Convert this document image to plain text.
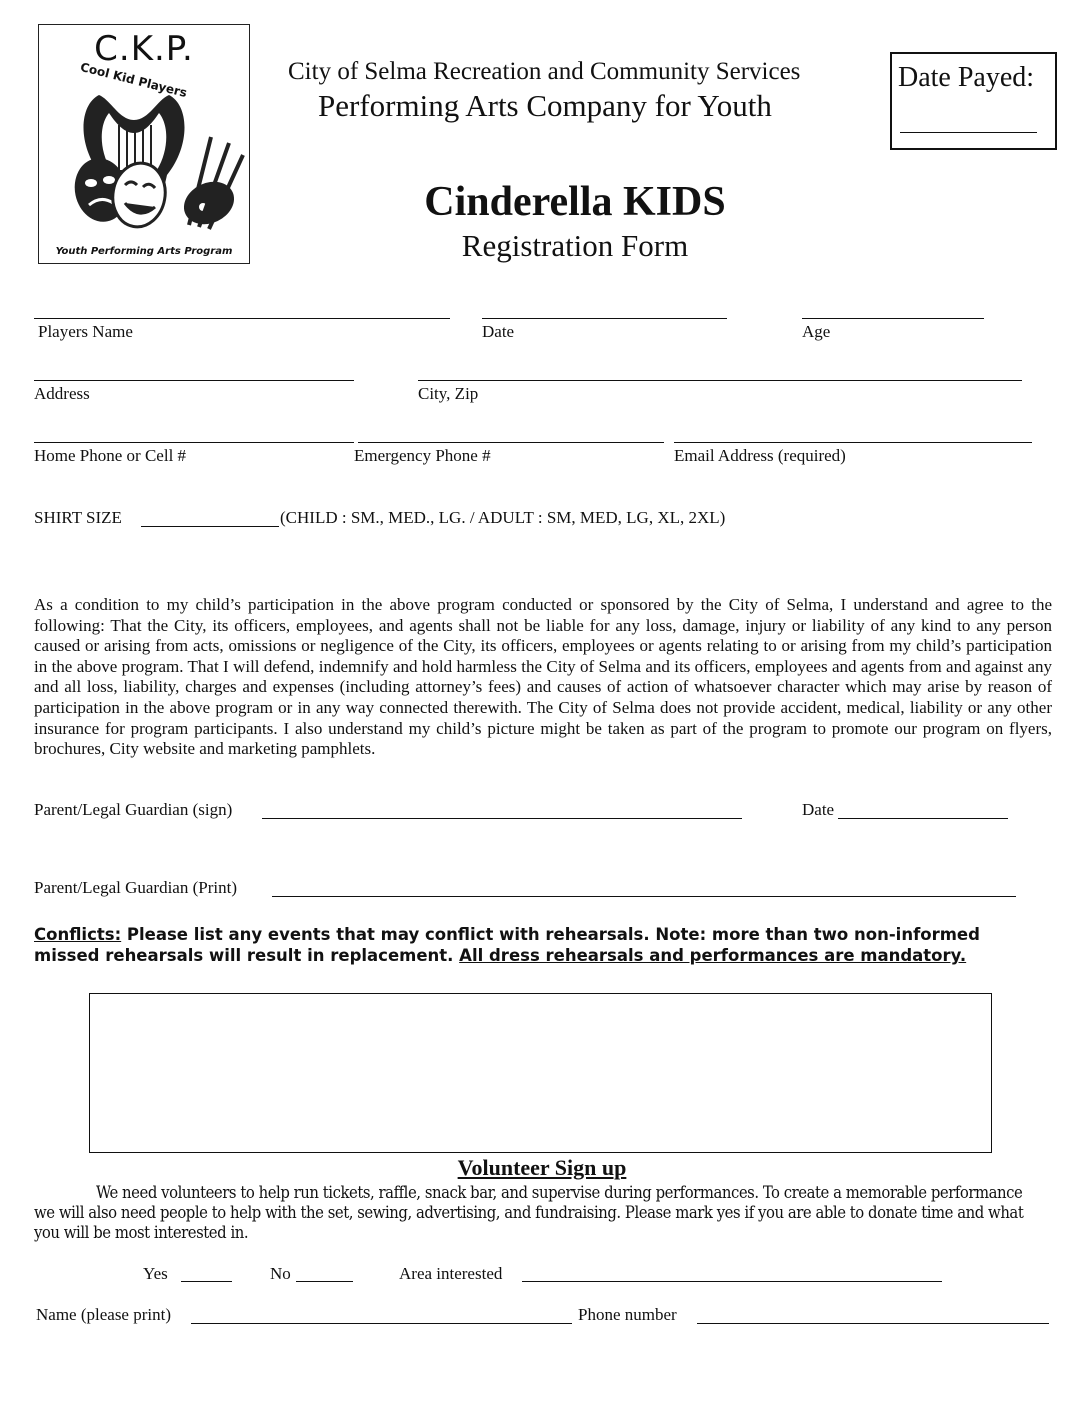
C.K.P.
Cool Kid Players
Youth Performing Arts Program
City of Selma Recreation and Community Services
Performing Arts Company for Youth
Cinderella KIDS
Registration Form
Date Payed:
Players Name	Date	Age
Address	City, Zip
Home Phone or Cell #	Emergency Phone #	Email Address (required)
SHIRT SIZE	(CHILD : SM., MED., LG. / ADULT : SM, MED, LG, XL, 2XL)
As a condition to my child’s participation in the above program conducted or sponsored by the City of Selma, I understand and agree to the following: That the City, its officers, employees, and agents shall not be liable for any loss, damage, injury or liability of any kind to any person caused or arising from acts, omissions or negligence of the City, its officers, employees or agents relating to or arising from my child’s participation in the above program. That I will defend, indemnify and hold harmless the City of Selma and its officers, employees and agents from and against any and all loss, liability, charges and expenses (including attorney’s fees) and causes of action of whatsoever character which may arise by reason of participation in the above program or in any way connected therewith. The City of Selma does not provide accident, medical, liability or any other insurance for program participants. I also understand my child’s picture might be taken as part of the program to promote our program on flyers, brochures, City website and marketing pamphlets.
Parent/Legal Guardian (sign)	Date
Parent/Legal Guardian (Print)
Conflicts: Please list any events that may conflict with rehearsals. Note: more than two non-informed missed rehearsals will result in replacement. All dress rehearsals and performances are mandatory.
Volunteer Sign up
We need volunteers to help run tickets, raffle, snack bar, and supervise during performances. To create a memorable performance we will also need people to help with the set, sewing, advertising, and fundraising. Please mark yes if you are able to donate time and what you will be most interested in.
Yes	No	Area interested
Name (please print)	Phone number
